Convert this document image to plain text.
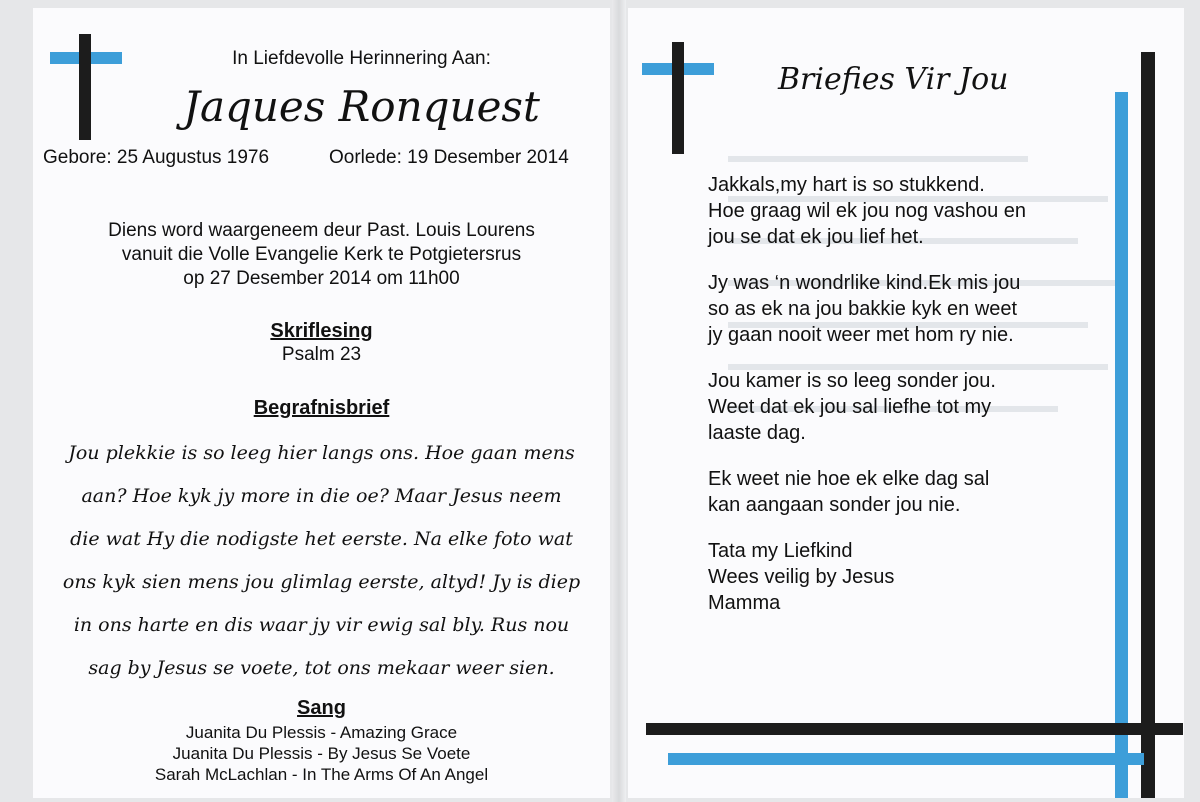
In Liefdevolle Herinnering Aan:
Jaques Ronquest
Gebore: 25 Augustus 1976	Oorlede: 19 Desember 2014
Diens word waargeneem deur Past. Louis Lourens
vanuit die Volle Evangelie Kerk te Potgietersrus
op 27 Desember 2014 om 11h00
Skriflesing
Psalm 23
Begrafnisbrief
Jou plekkie is so leeg hier langs ons. Hoe gaan mens
aan? Hoe kyk jy more in die oe? Maar Jesus neem
die wat Hy die nodigste het eerste. Na elke foto wat
ons kyk sien mens jou glimlag eerste, altyd! Jy is diep
in ons harte en dis waar jy vir ewig sal bly. Rus nou
sag by Jesus se voete, tot ons mekaar weer sien.
Sang
Juanita Du Plessis - Amazing Grace
Juanita Du Plessis - By Jesus Se Voete
Sarah McLachlan - In The Arms Of An Angel
Briefies Vir Jou
Jakkals,my hart is so stukkend.
Hoe graag wil ek jou nog vashou en
jou se dat ek jou lief het.
Jy was ‘n wondrlike kind.Ek mis jou
so as ek na jou bakkie kyk en weet
jy gaan nooit weer met hom ry nie.
Jou kamer is so leeg sonder jou.
Weet dat ek jou sal liefhe tot my
laaste dag.
Ek weet nie hoe ek elke dag sal
kan aangaan sonder jou nie.
Tata my Liefkind
Wees veilig by Jesus
Mamma
